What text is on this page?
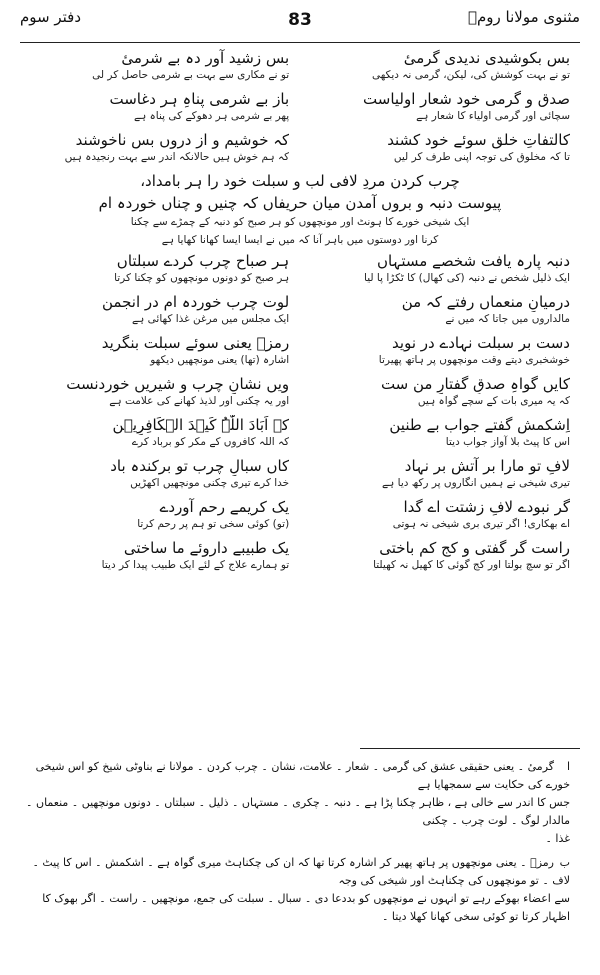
مثنوی مولانا رومؒ
83
دفتر سوم
بس بکوشیدی ندیدی گرمیٔ
تو نے بہت کوشش کی، لیکن، گرمی نہ دیکھی
بس زشید آور دہ بے شرمیٔ
تو نے مکاری سے بہت بے شرمی حاصل کر لی
صدق و گرمی خود شعار اولیاست
سچائی اور گرمی اولیاء کا شعار ہے
باز بے شرمی پناہِ ہر دغاست
پھر بے شرمی ہر دھوکے کی پناہ ہے
کالتفاتِ خلق سوئے خود کشند
تا کہ مخلوق کی توجہ اپنی طرف کر لیں
کہ خوشیم و از دروں بس ناخوشند
کہ ہم خوش ہیں حالانکہ اندر سے بہت رنجیدہ ہیں
چرب کردن مردِ لافی لب و سبلت خود را ہر بامداد،
پیوست دنبہ و بروں آمدن میان حریفاں کہ چنیں و چناں خوردہ ام
ایک شیخی خورے کا ہونٹ اور مونچھوں کو ہر صبح کو دنبہ کے چمڑے سے چکنا
کرنا اور دوستوں میں باہر آنا کہ میں نے ایسا ایسا کھانا کھایا ہے
دنبہ پارہ یافت شخصے مستہاں
ایک ذلیل شخص نے دنبہ (کی کھال) کا ٹکڑا پا لیا
ہر صباح چرب کردے سبلتاں
ہر صبح کو دونوں مونچھوں کو چکنا کرتا
درمیانِ منعماں رفتے کہ من
مالداروں میں جاتا کہ میں نے
لوت چرب خوردہ ام در انجمن
ایک مجلس میں مرغن غذا کھائی ہے
دست بر سبلت نہادے در نوید
خوشخبری دیتے وقت مونچھوں پر ہاتھ پھیرتا
رمزؔ یعنی سوئے سبلت بنگرید
اشارہ (تھا) یعنی مونچھیں دیکھو
کایں گواہِ صدقِ گفتارِ من ست
کہ یہ میری بات کے سچے گواہ ہیں
ویں نشانِ چرب و شیریں خوردنست
اور یہ چکنی اور لذیذ کھانے کی علامت ہے
اِشکمش گفتے جواب بے طنین
اس کا پیٹ بلا آواز جواب دیتا
کہ اَبَادَ اللّٰہُ کَیۡدَ الۡکَافِرِیۡن
کہ اللہ کافروں کے مکر کو برباد کرے
لافِ تو مارا بر آتش بر نہاد
تیری شیخی نے ہمیں انگاروں پر رکھ دیا ہے
کاں سبالِ چرب تو برکندہ باد
خدا کرے تیری چکنی مونچھیں اکھڑیں
گر نبودے لافِ زشتت اے گدا
اے بھکاری! اگر تیری بری شیخی نہ ہوتی
یک کریمے رحم آوردے
(تو) کوئی سخی تو ہم پر رحم کرتا
راست گر گفتی و کج کم باختی
اگر تو سچ بولتا اور کج گوئی کا کھیل نہ کھیلتا
یک طبیبے داروئے ما ساختی
تو ہمارے علاج کے لئے ایک طبیب پیدا کر دیتا

اگرمیٔ ۔ یعنی حقیقی عشق کی گرمی ۔ شعار ۔ علامت، نشان ۔ چرب کردن ۔ مولانا نے بناوٹی شیخ کو اس شیخی خورے کی حکایت سے سمجھایا ہے
جس کا اندر سے خالی ہے ، ظاہر چکنا پڑا ہے ۔ دنبہ ۔ چکری ۔ مستہاں ۔ ذلیل ۔ سبلتاں ۔ دونوں مونچھیں ۔ منعماں ۔ مالدار لوگ ۔ لوت چرب ۔ چکنی
غذا ۔

برمزؔ ۔ یعنی مونچھوں پر ہاتھ پھیر کر اشارہ کرتا تھا کہ ان کی چکناہٹ میری گواہ ہے ۔ اشکمش ۔ اس کا پیٹ ۔ لاف ۔ تو مونچھوں کی چکناہٹ اور شیخی کی وجہ
سے اعضاء بھوکے رہے تو انہوں نے مونچھوں کو بددعا دی ۔ سبال ۔ سبلت کی جمع، مونچھیں ۔ راست ۔ اگر بھوک کا اظہار کرتا تو کوئی سخی کھانا کھلا دیتا ۔
